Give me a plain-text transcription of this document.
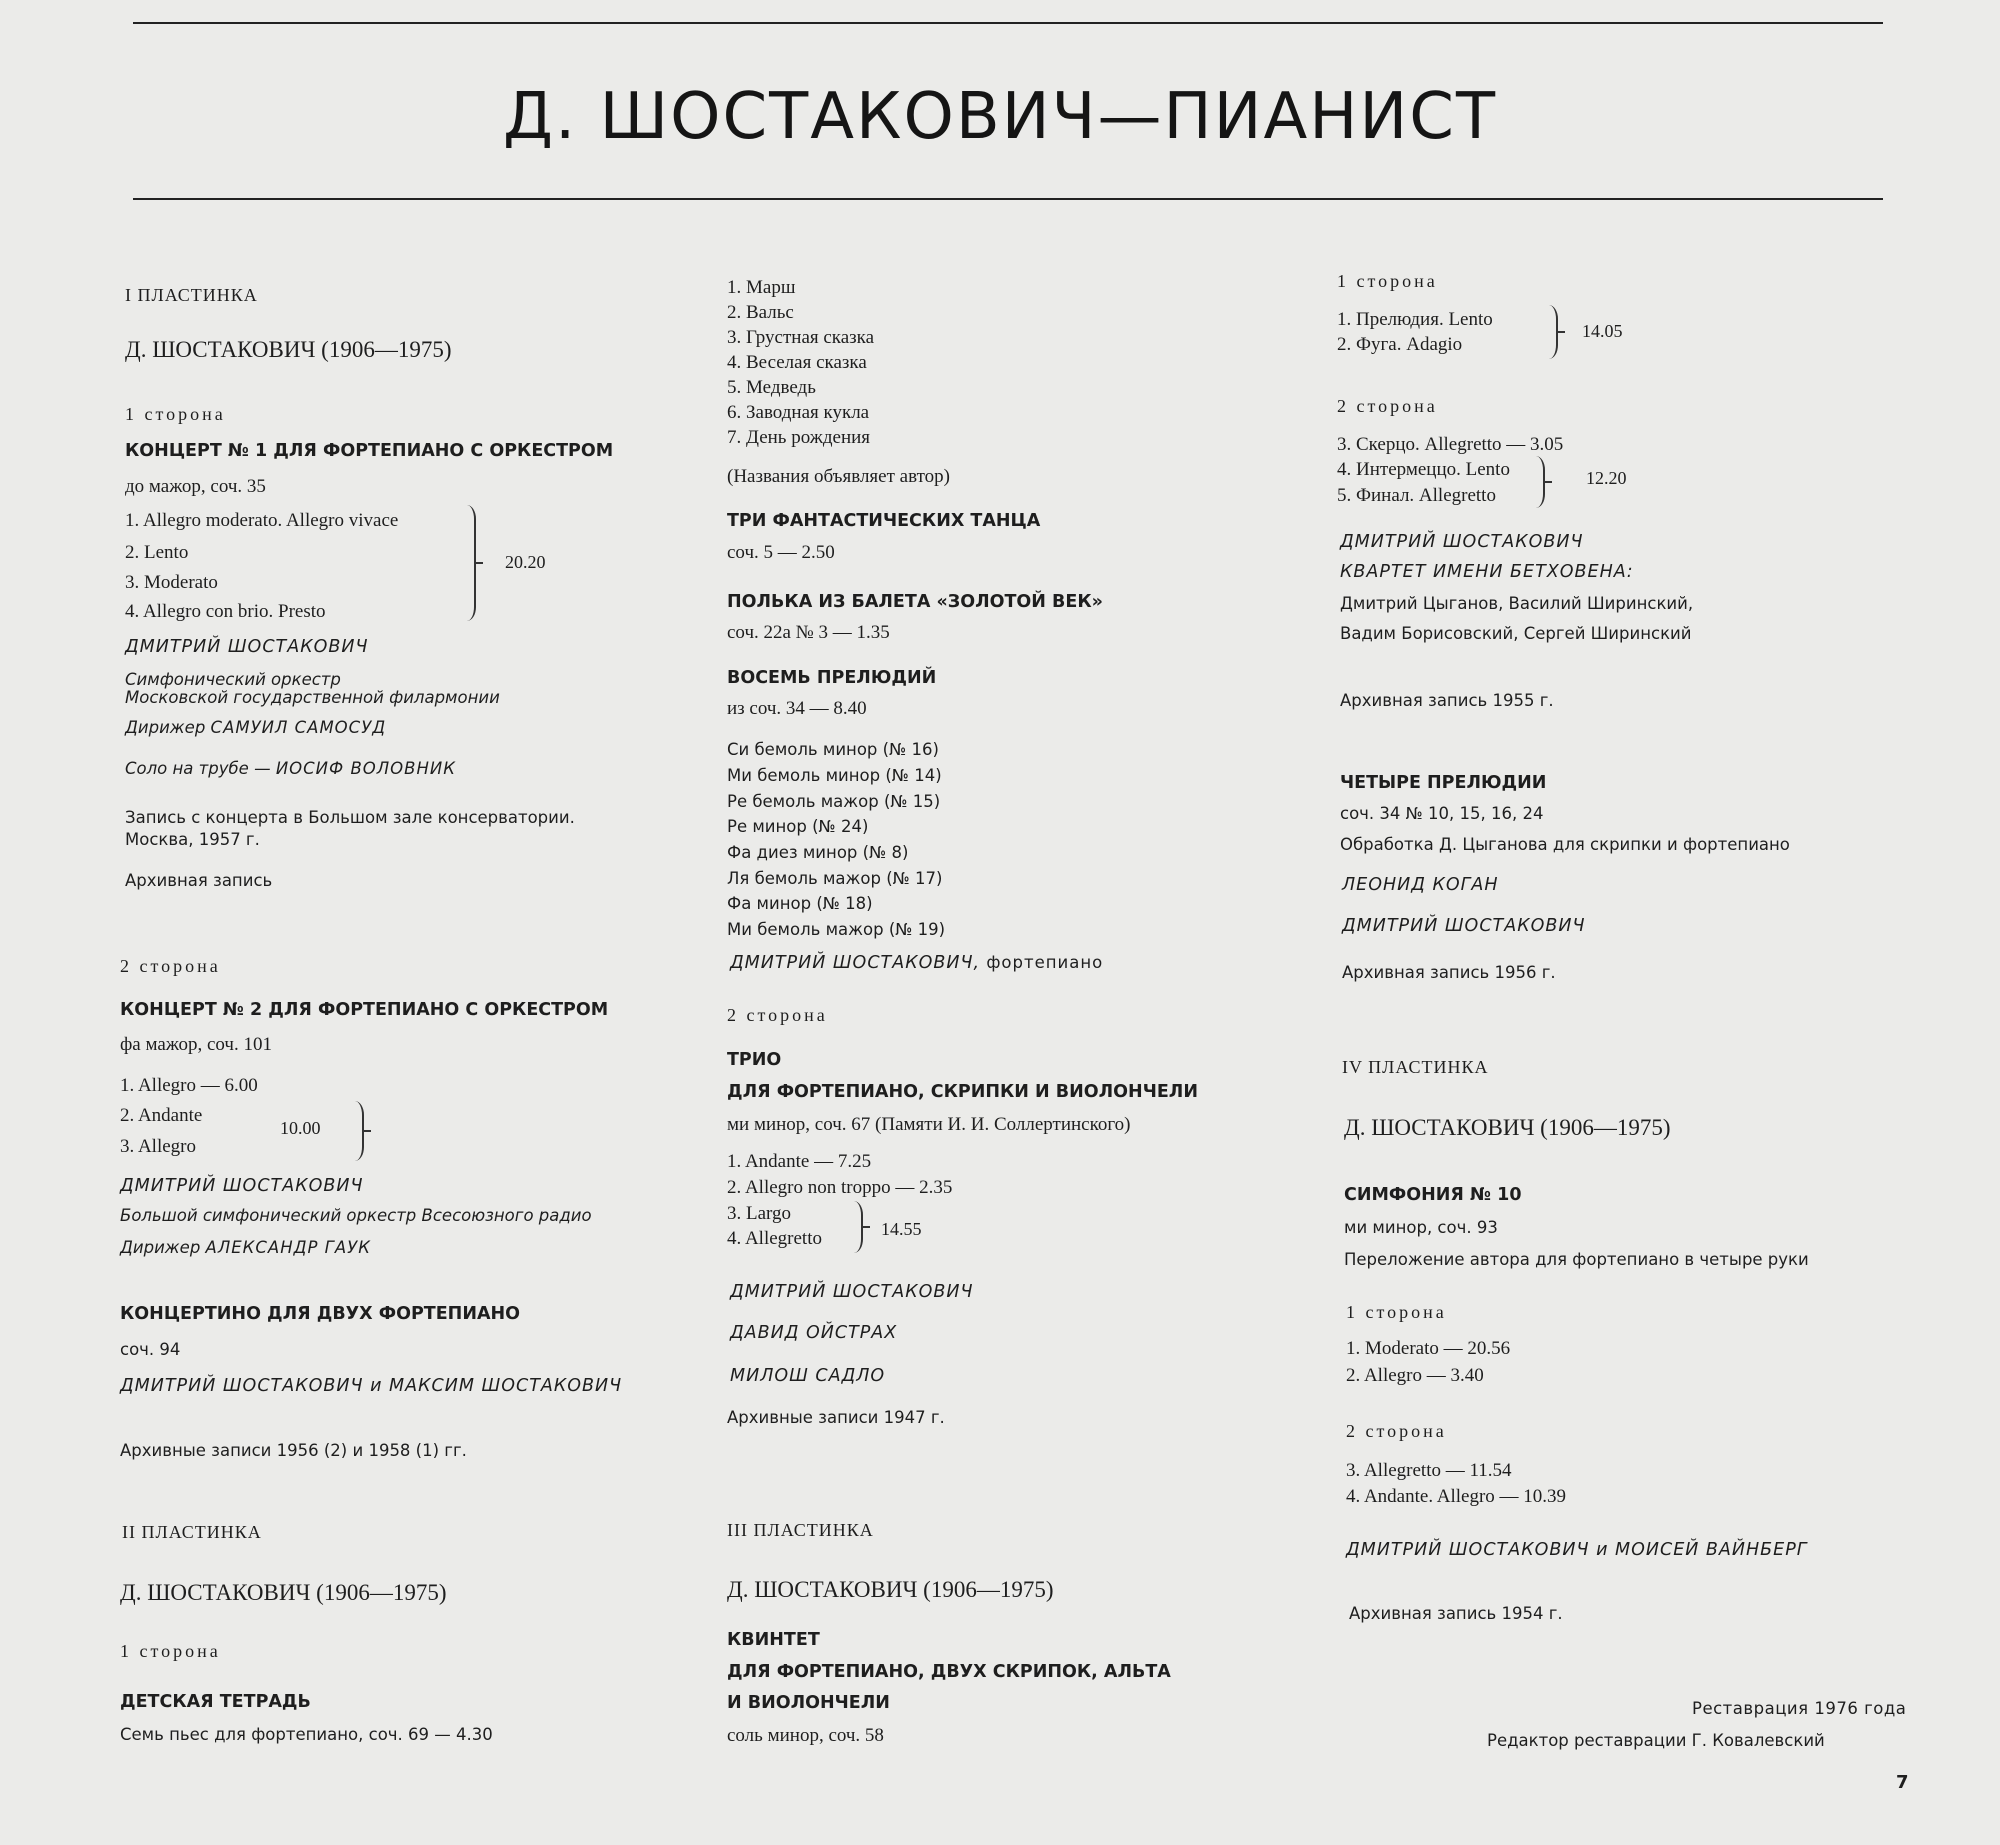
Д. ШОСТАКОВИЧ—ПИАНИСТ
I ПЛАСТИНКА
Д. ШОСТАКОВИЧ (1906—1975)
1 сторона
КОНЦЕРТ № 1 ДЛЯ ФОРТЕПИАНО С ОРКЕСТРОМ
до мажор, соч. 35
1. Allegro moderato. Allegro vivace
2. Lento
3. Moderato
4. Allegro con brio. Presto
20.20
ДМИТРИЙ ШОСТАКОВИЧ
Симфонический оркестр
Московской государственной филармонии
Дирижер САМУИЛ САМОСУД
Соло на трубе — ИОСИФ ВОЛОВНИК
Запись с концерта в Большом зале консерватории.
Москва, 1957 г.
Архивная запись
2 сторона
КОНЦЕРТ № 2 ДЛЯ ФОРТЕПИАНО С ОРКЕСТРОМ
фа мажор, соч. 101
1. Allegro — 6.00
2. Andante
3. Allegro
10.00
ДМИТРИЙ ШОСТАКОВИЧ
Большой симфонический оркестр Всесоюзного радио
Дирижер АЛЕКСАНДР ГАУК
КОНЦЕРТИНО ДЛЯ ДВУХ ФОРТЕПИАНО
соч. 94
ДМИТРИЙ ШОСТАКОВИЧ и МАКСИМ ШОСТАКОВИЧ
Архивные записи 1956 (2) и 1958 (1) гг.
II ПЛАСТИНКА
Д. ШОСТАКОВИЧ (1906—1975)
1 сторона
ДЕТСКАЯ ТЕТРАДЬ
Семь пьес для фортепиано, соч. 69 — 4.30
1. Марш
2. Вальс
3. Грустная сказка
4. Веселая сказка
5. Медведь
6. Заводная кукла
7. День рождения
(Названия объявляет автор)
ТРИ ФАНТАСТИЧЕСКИХ ТАНЦА
соч. 5 — 2.50
ПОЛЬКА ИЗ БАЛЕТА «ЗОЛОТОЙ ВЕК»
соч. 22а № 3 — 1.35
ВОСЕМЬ ПРЕЛЮДИЙ
из соч. 34 — 8.40
Си бемоль минор (№ 16)
Ми бемоль минор (№ 14)
Ре бемоль мажор (№ 15)
Ре минор (№ 24)
Фа диез минор (№ 8)
Ля бемоль мажор (№ 17)
Фа минор (№ 18)
Ми бемоль мажор (№ 19)
ДМИТРИЙ ШОСТАКОВИЧ, фортепиано
2 сторона
ТРИО
ДЛЯ ФОРТЕПИАНО, СКРИПКИ И ВИОЛОНЧЕЛИ
ми минор, соч. 67 (Памяти И. И. Соллертинского)
1. Andante — 7.25
2. Allegro non troppo — 2.35
3. Largo
4. Allegretto	14.55
ДМИТРИЙ ШОСТАКОВИЧ
ДАВИД ОЙСТРАХ
МИЛОШ САДЛО
Архивные записи 1947 г.
III ПЛАСТИНКА
Д. ШОСТАКОВИЧ (1906—1975)
КВИНТЕТ
ДЛЯ ФОРТЕПИАНО, ДВУХ СКРИПОК, АЛЬТА
И ВИОЛОНЧЕЛИ
соль минор, соч. 58
1 сторона
1. Прелюдия. Lento
2. Фуга. Adagio
14.05
2 сторона
3. Скерцо. Allegretto — 3.05
4. Интермеццо. Lento
5. Финал. Allegretto
12.20
ДМИТРИЙ ШОСТАКОВИЧ
КВАРТЕТ ИМЕНИ БЕТХОВЕНА:
Дмитрий Цыганов, Василий Ширинский,
Вадим Борисовский, Сергей Ширинский
Архивная запись 1955 г.
ЧЕТЫРЕ ПРЕЛЮДИИ
соч. 34 № 10, 15, 16, 24
Обработка Д. Цыганова для скрипки и фортепиано
ЛЕОНИД КОГАН
ДМИТРИЙ ШОСТАКОВИЧ
Архивная запись 1956 г.
IV ПЛАСТИНКА
Д. ШОСТАКОВИЧ (1906—1975)
СИМФОНИЯ № 10
ми минор, соч. 93
Переложение автора для фортепиано в четыре руки
1 сторона
1. Moderato — 20.56
2. Allegro — 3.40
2 сторона
3. Allegretto — 11.54
4. Andante. Allegro — 10.39
ДМИТРИЙ ШОСТАКОВИЧ и МОИСЕЙ ВАЙНБЕРГ
Архивная запись 1954 г.
Реставрация 1976 года
Редактор реставрации Г. Ковалевский
7
